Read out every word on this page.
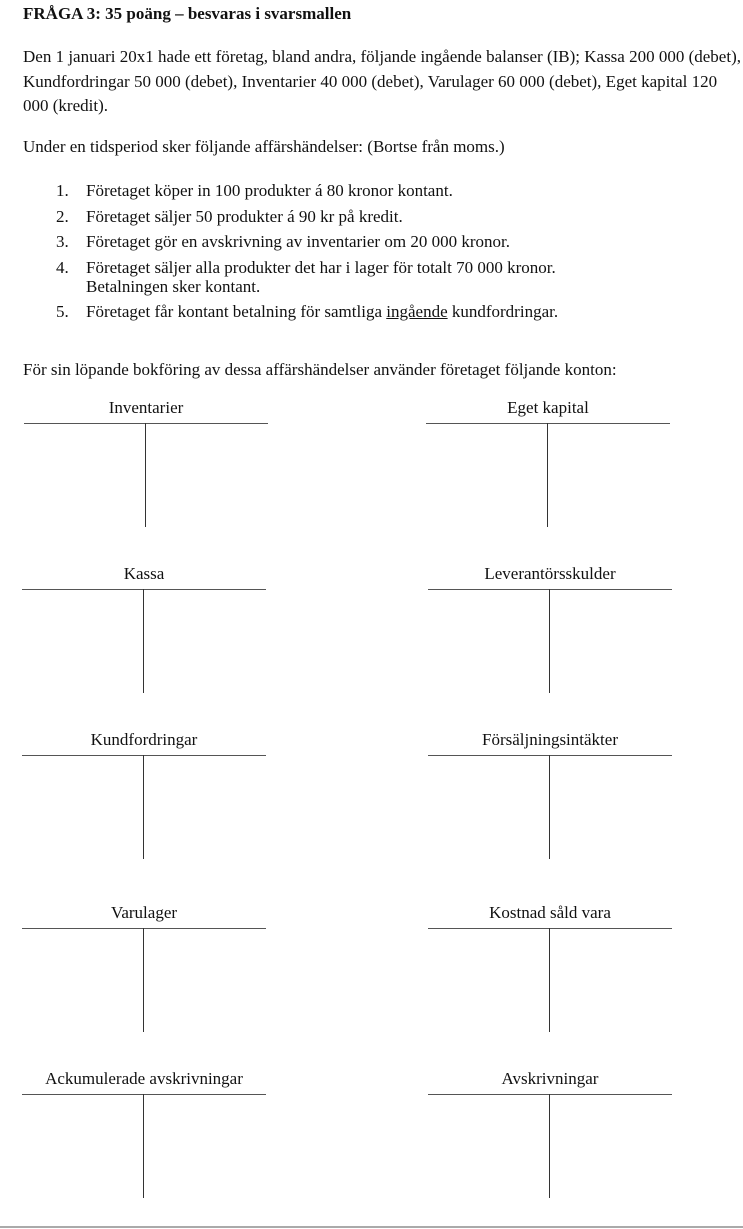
FRÅGA 3: 35 poäng – besvaras i svarsmallen
Den 1 januari 20x1 hade ett företag, bland andra, följande ingående balanser (IB); Kassa 200 000 (debet), Kundfordringar 50 000 (debet), Inventarier 40 000 (debet), Varulager 60 000 (debet), Eget kapital 120 000 (kredit).
Under en tidsperiod sker följande affärshändelser: (Bortse från moms.)
1.	Företaget köper in 100 produkter á 80 kronor kontant.
2.	Företaget säljer 50 produkter á 90 kr på kredit.
3.	Företaget gör en avskrivning av inventarier om 20 000 kronor.
4.	Företaget säljer alla produkter det har i lager för totalt 70 000 kronor.
Betalningen sker kontant.
5.	Företaget får kontant betalning för samtliga ingående kundfordringar.
För sin löpande bokföring av dessa affärshändelser använder företaget följande konton:
Inventarier	Eget kapital
Kassa	Leverantörsskulder
Kundfordringar	Försäljningsintäkter
Varulager	Kostnad såld vara
Ackumulerade avskrivningar	Avskrivningar
